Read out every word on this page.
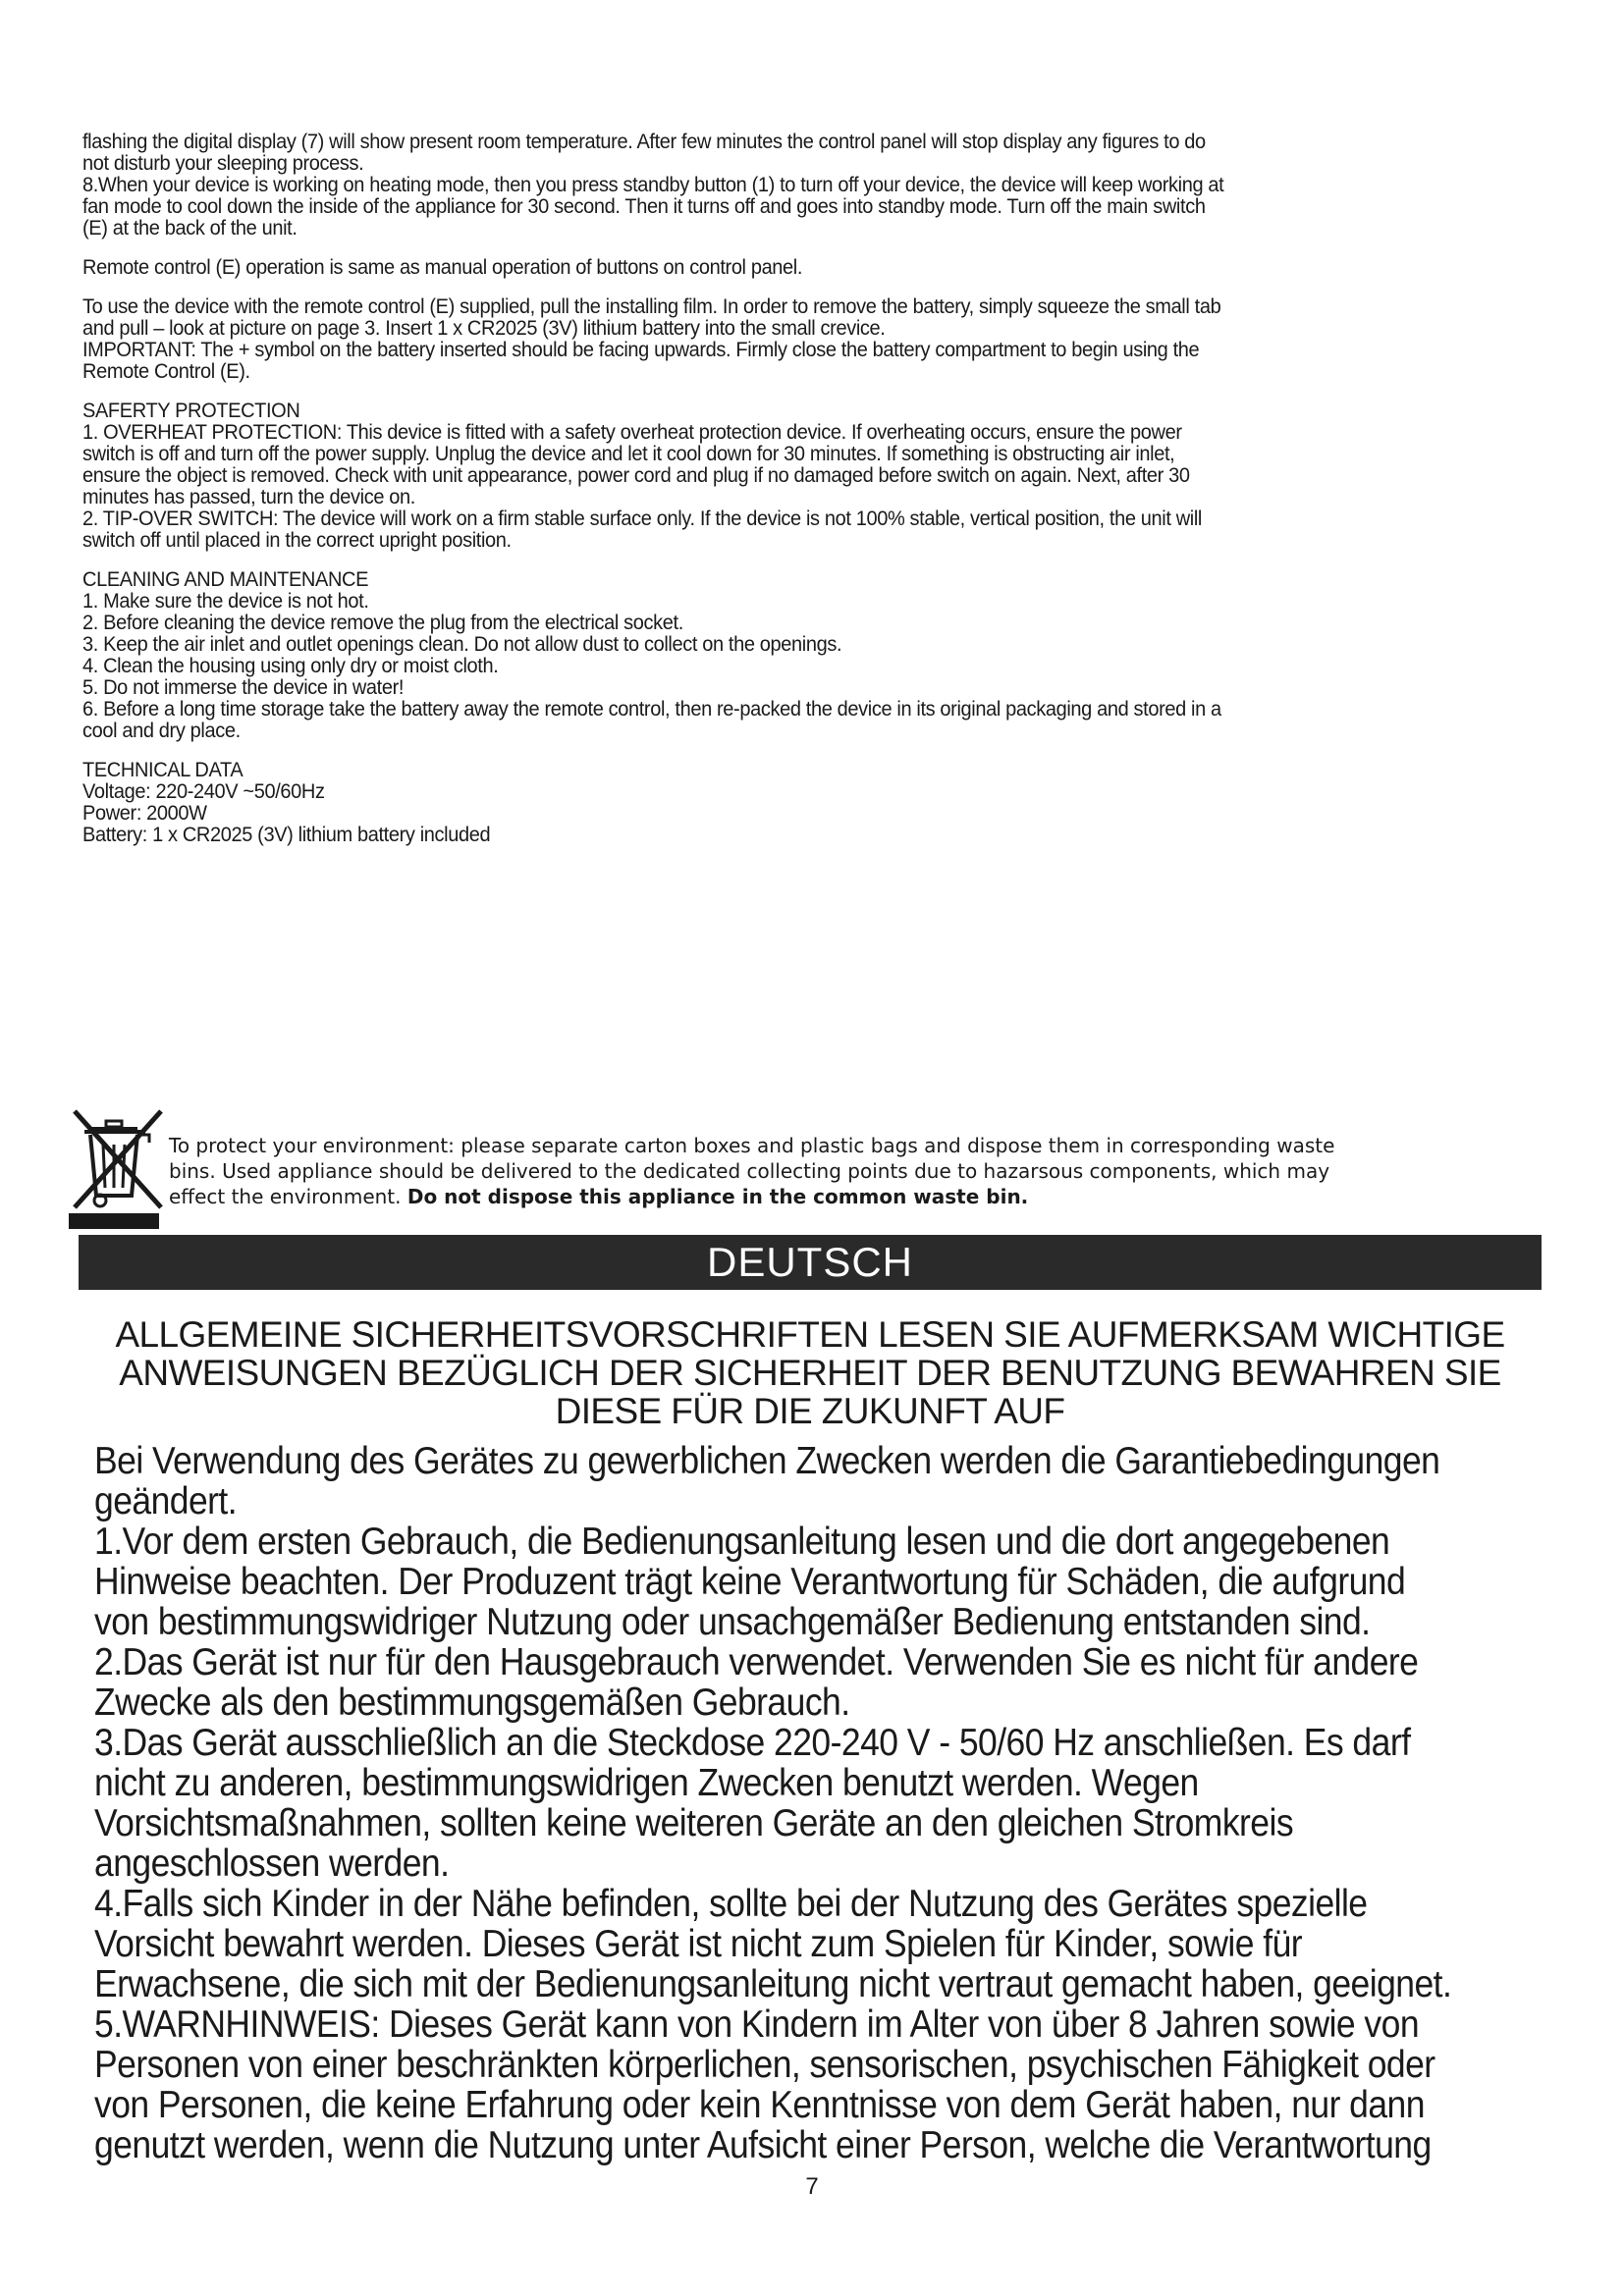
flashing the digital display (7) will show present room temperature. After few minutes the control panel will stop display any figures to do

not disturb your sleeping process.

8.When your device is working on heating mode, then you press standby button (1) to turn off your device, the device will keep working at

fan mode to cool down the inside of the appliance for 30 second. Then it turns off and goes into standby mode. Turn off the main switch

(E) at the back of the unit.

Remote control (E) operation is same as manual operation of buttons on control panel.

To use the device with the remote control (E) supplied, pull the installing film. In order to remove the battery, simply squeeze the small tab

and pull – look at picture on page 3. Insert 1 x CR2025 (3V) lithium battery into the small crevice.

IMPORTANT: The + symbol on the battery inserted should be facing upwards. Firmly close the battery compartment to begin using the

Remote Control (E).

SAFERTY PROTECTION

1. OVERHEAT PROTECTION: This device is fitted with a safety overheat protection device. If overheating occurs, ensure the power

switch is off and turn off the power supply. Unplug the device and let it cool down for 30 minutes. If something is obstructing air inlet,

ensure the object is removed. Check with unit appearance, power cord and plug if no damaged before switch on again. Next, after 30

minutes has passed, turn the device on.

2. TIP-OVER SWITCH: The device will work on a firm stable surface only. If the device is not 100% stable, vertical position, the unit will

switch off until placed in the correct upright position.

CLEANING AND MAINTENANCE

1. Make sure the device is not hot.

2. Before cleaning the device remove the plug from the electrical socket.

3. Keep the air inlet and outlet openings clean. Do not allow dust to collect on the openings.

4. Clean the housing using only dry or moist cloth.

5. Do not immerse the device in water!

6. Before a long time storage take the battery away the remote control, then re-packed the device in its original packaging and stored in a

cool and dry place.

TECHNICAL DATA

Voltage: 220-240V ~50/60Hz

Power: 2000W

Battery: 1 x CR2025 (3V) lithium battery included

To protect your environment: please separate carton boxes and plastic bags and dispose them in corresponding waste
bins. Used appliance should be delivered to the dedicated collecting points due to hazarsous components, which may
effect the environment. Do not dispose this appliance in the common waste bin.
DEUTSCH
ALLGEMEINE SICHERHEITSVORSCHRIFTEN LESEN SIE AUFMERKSAM WICHTIGE
ANWEISUNGEN BEZÜGLICH DER SICHERHEIT DER BENUTZUNG BEWAHREN SIE
DIESE FÜR DIE ZUKUNFT AUF

Bei Verwendung des Gerätes zu gewerblichen Zwecken werden die Garantiebedingungen

geändert.

1.Vor dem ersten Gebrauch, die Bedienungsanleitung lesen und die dort angegebenen

Hinweise beachten. Der Produzent trägt keine Verantwortung für Schäden, die aufgrund

von bestimmungswidriger Nutzung oder unsachgemäßer Bedienung entstanden sind.

2.Das Gerät ist nur für den Hausgebrauch verwendet. Verwenden Sie es nicht für andere

Zwecke als den bestimmungsgemäßen Gebrauch.

3.Das Gerät ausschließlich an die Steckdose 220-240 V - 50/60 Hz anschließen. Es darf

nicht zu anderen, bestimmungswidrigen Zwecken benutzt werden. Wegen

Vorsichtsmaßnahmen, sollten keine weiteren Geräte an den gleichen Stromkreis

angeschlossen werden.

4.Falls sich Kinder in der Nähe befinden, sollte bei der Nutzung des Gerätes spezielle

Vorsicht bewahrt werden. Dieses Gerät ist nicht zum Spielen für Kinder, sowie für

Erwachsene, die sich mit der Bedienungsanleitung nicht vertraut gemacht haben, geeignet.

5.WARNHINWEIS: Dieses Gerät kann von Kindern im Alter von über 8 Jahren sowie von

Personen von einer beschränkten körperlichen, sensorischen, psychischen Fähigkeit oder

von Personen, die keine Erfahrung oder kein Kenntnisse von dem Gerät haben, nur dann

genutzt werden, wenn die Nutzung unter Aufsicht einer Person, welche die Verantwortung

7
